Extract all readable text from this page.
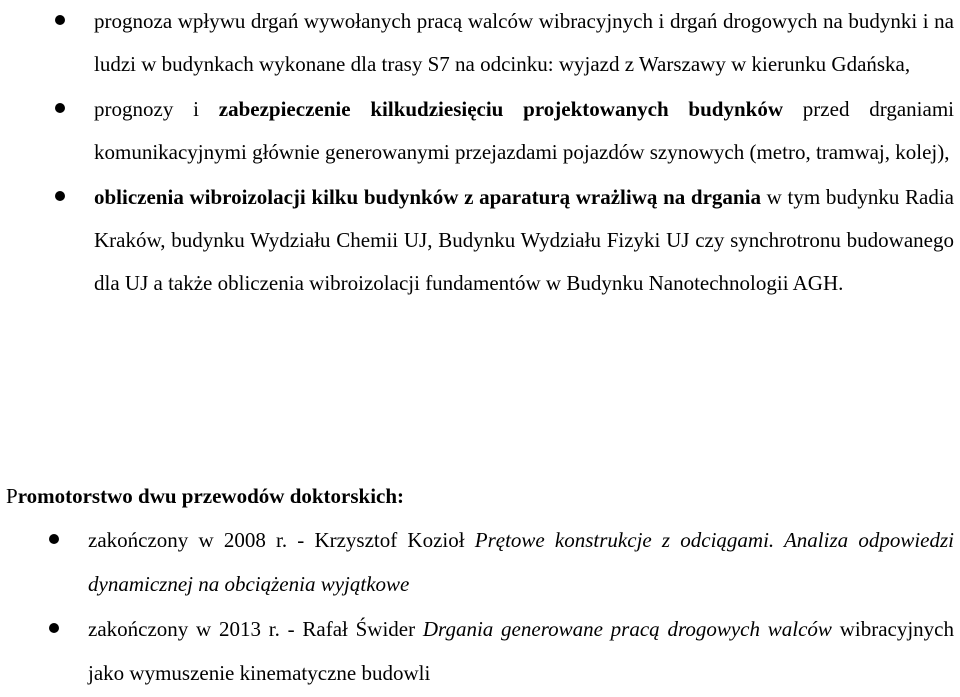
prognoza wpływu drgań wywołanych pracą walców wibracyjnych i drgań drogowych na budynki i na ludzi w budynkach wykonane dla trasy S7 na odcinku: wyjazd z Warszawy w kierunku Gdańska,
prognozy i zabezpieczenie kilkudziesięciu projektowanych budynków przed drganiami komunikacyjnymi głównie generowanymi przejazdami pojazdów szynowych (metro, tramwaj, kolej),
obliczenia wibroizolacji kilku budynków z aparaturą wrażliwą na drgania w tym budynku Radia Kraków, budynku Wydziału Chemii UJ, Budynku Wydziału Fizyki UJ czy synchrotronu budowanego dla UJ a także obliczenia wibroizolacji fundamentów w Budynku Nanotechnologii AGH.

Promotorstwo dwu przewodów doktorskich:

zakończony w 2008 r. - Krzysztof Kozioł Prętowe konstrukcje z odciągami. Analiza odpowiedzi dynamicznej na obciążenia wyjątkowe
zakończony w 2013 r. - Rafał Świder Drgania generowane pracą drogowych walców wibracyjnych jako wymuszenie kinematyczne budowli
